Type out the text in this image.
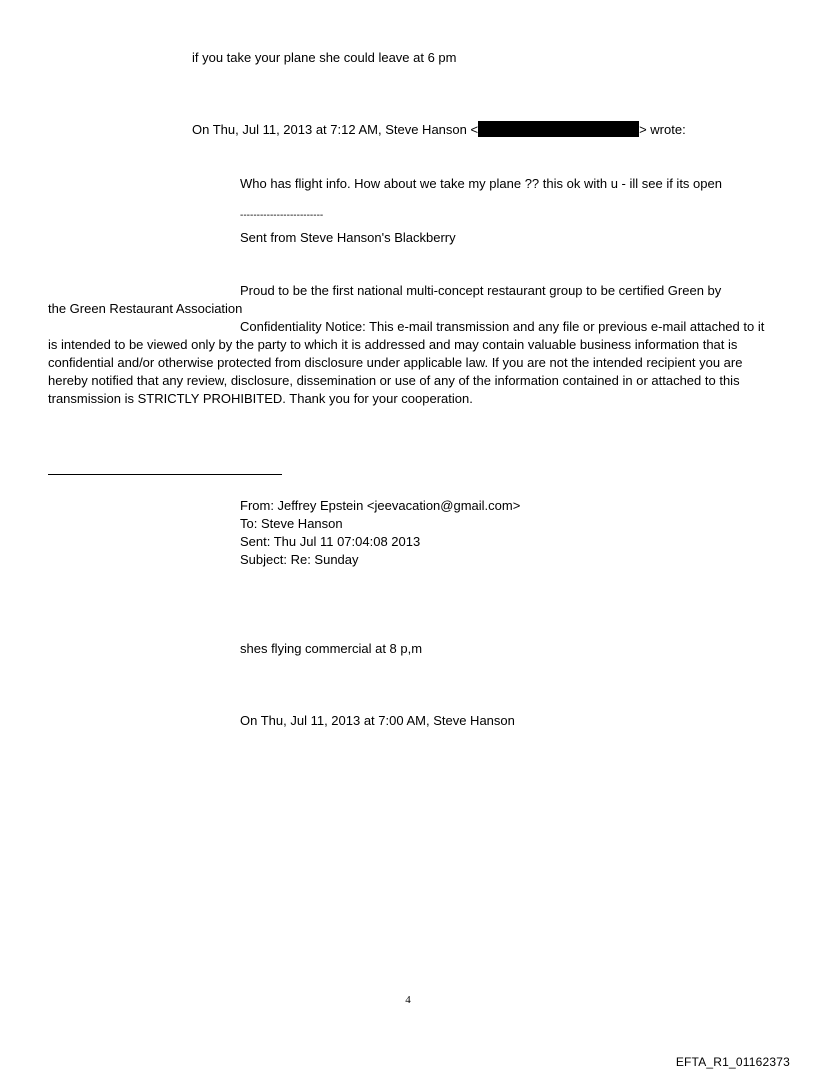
if you take your plane she could leave at 6 pm
On Thu, Jul 11, 2013 at 7:12 AM, Steve Hanson <	> wrote:
Who has flight info. How about we take my plane ?? this ok with u - ill see if its open
-------------------------
Sent from Steve Hanson's Blackberry
Proud to be the first national multi-concept restaurant group to be certified Green by
the Green Restaurant Association
Confidentiality Notice: This e-mail transmission and any file or previous e-mail attached to it is intended to be viewed only by the party to which it is addressed and may contain valuable business information that is confidential and/or otherwise protected from disclosure under applicable law. If you are not the intended recipient you are hereby notified that any review, disclosure, dissemination or use of any of the information contained in or attached to this transmission is STRICTLY PROHIBITED. Thank you for your cooperation.
From: Jeffrey Epstein <jeevacation@gmail.com>
To: Steve Hanson
Sent: Thu Jul 11 07:04:08 2013
Subject: Re: Sunday
shes flying commercial at 8 p,m
On Thu, Jul 11, 2013 at 7:00 AM, Steve Hanson
4
EFTA_R1_01162373
